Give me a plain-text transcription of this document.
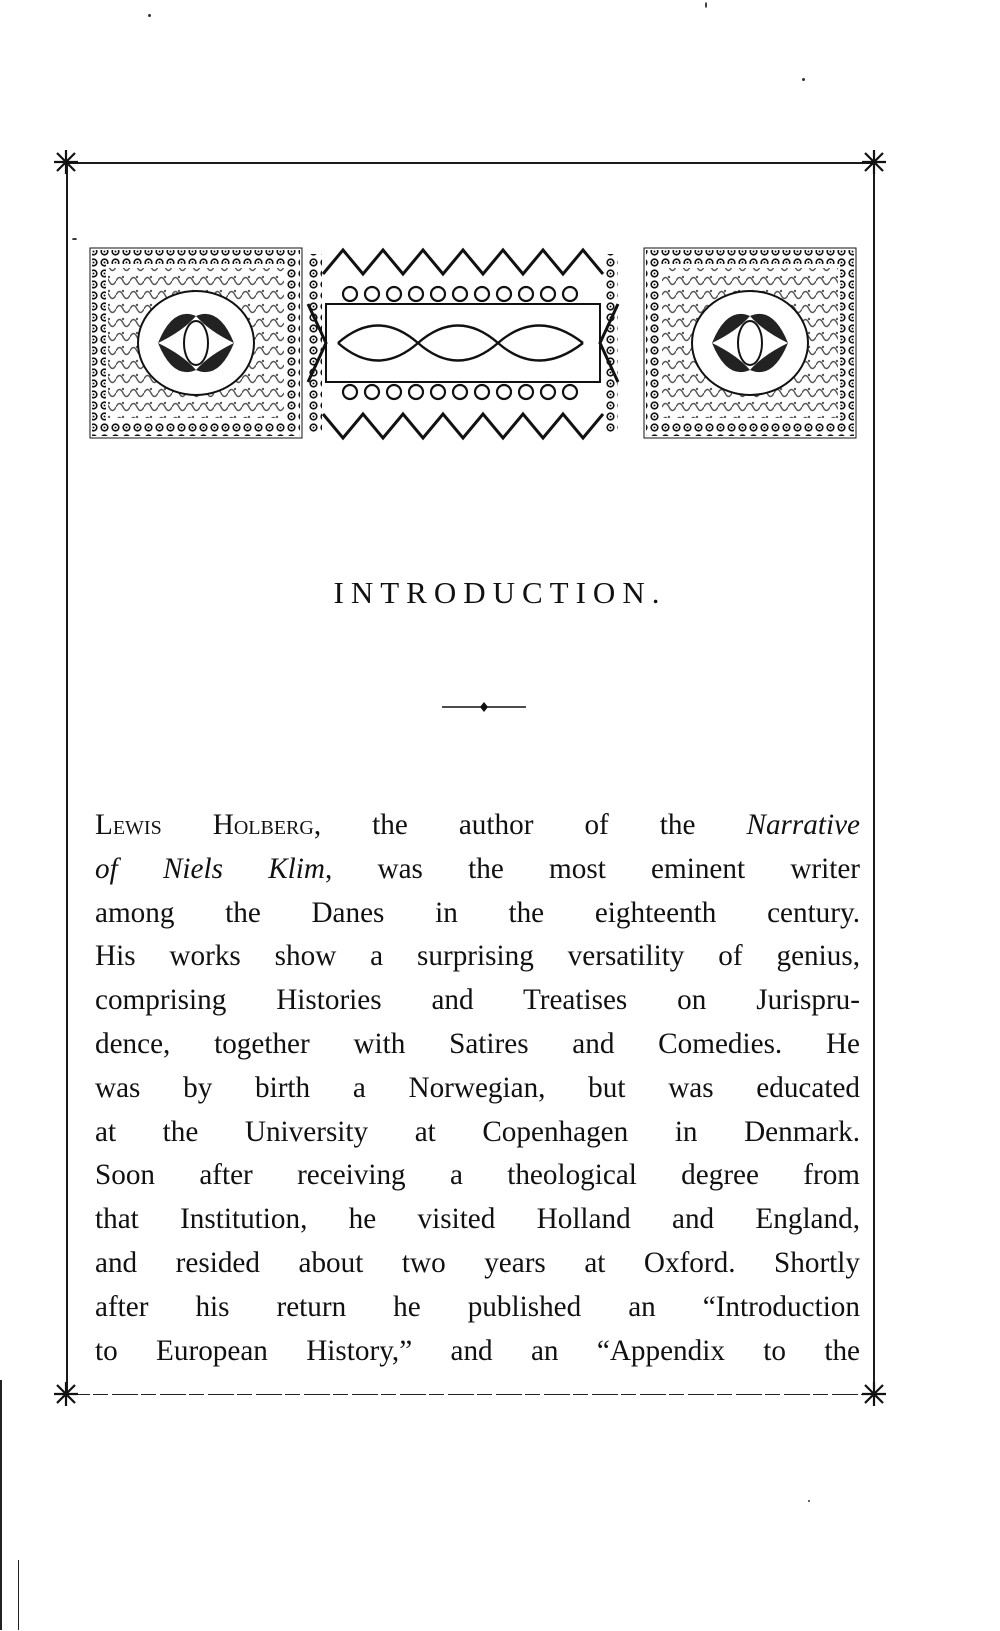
INTRODUCTION.
Lewis Holberg, the author of the Narrative
of Niels Klim, was the most eminent writer
among the Danes in the eighteenth century.
His works show a surprising versatility of genius,
comprising Histories and Treatises on Jurispru-
dence, together with Satires and Comedies. He
was by birth a Norwegian, but was educated
at the University at Copenhagen in Denmark.
Soon after receiving a theological degree from
that Institution, he visited Holland and England,
and resided about two years at Oxford. Shortly
after his return he published an “Introduction
to European History,” and an “Appendix to the
